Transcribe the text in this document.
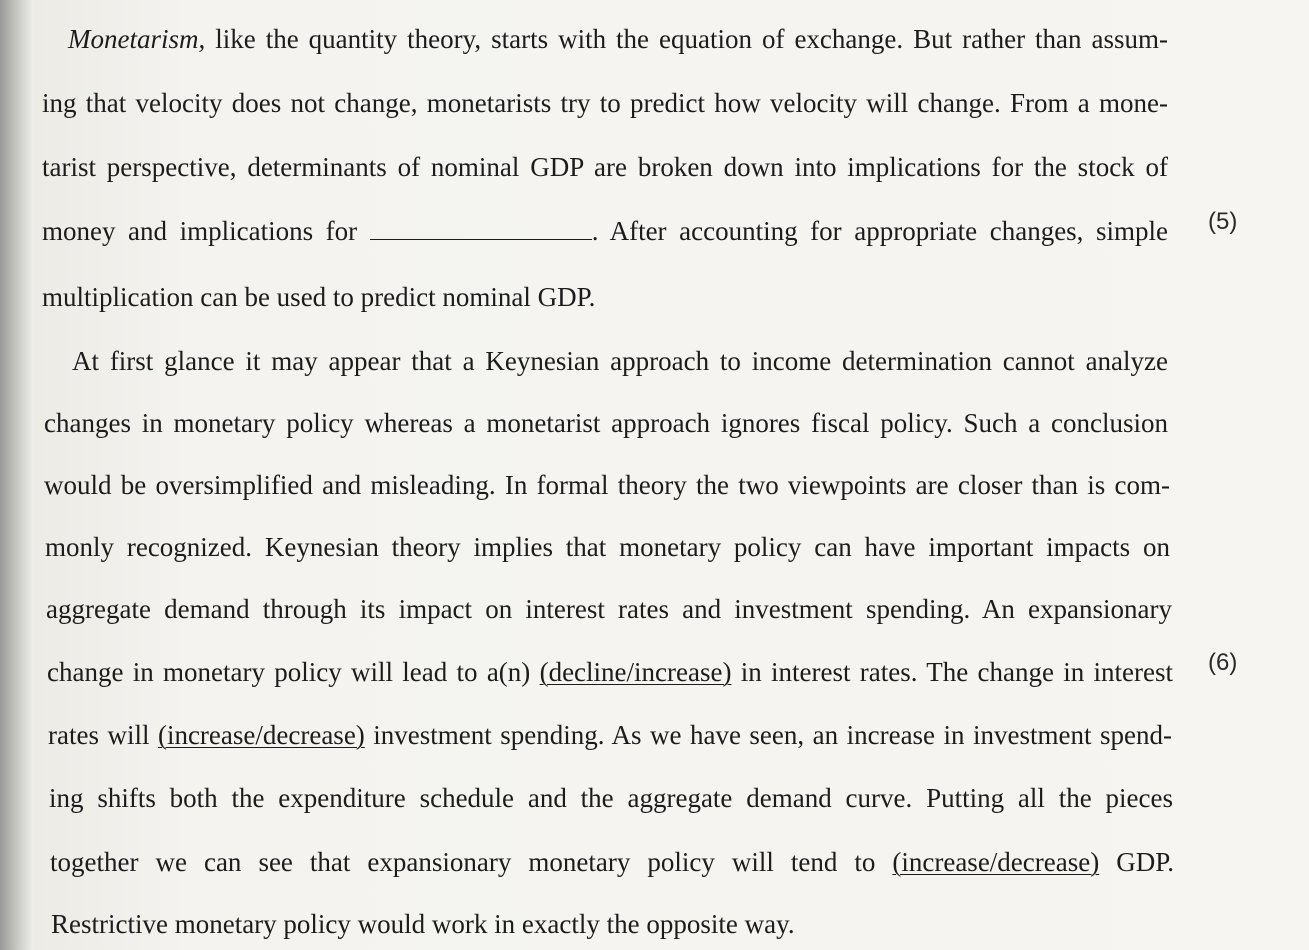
Monetarism, like the quantity theory, starts with the equation of exchange. But rather than assum-
ing that velocity does not change, monetarists try to predict how velocity will change. From a mone-
tarist perspective, determinants of nominal GDP are broken down into implications for the stock of
money and implications for	. After accounting for appropriate changes, simple (5)
multiplication can be used to predict nominal GDP.
At first glance it may appear that a Keynesian approach to income determination cannot analyze
changes in monetary policy whereas a monetarist approach ignores fiscal policy. Such a conclusion
would be oversimplified and misleading. In formal theory the two viewpoints are closer than is com-
monly recognized. Keynesian theory implies that monetary policy can have important impacts on
aggregate demand through its impact on interest rates and investment spending. An expansionary
change in monetary policy will lead to a(n) (decline/increase) in interest rates. The change in interest (6)
rates will (increase/decrease) investment spending. As we have seen, an increase in investment spend-
ing shifts both the expenditure schedule and the aggregate demand curve. Putting all the pieces
together we can see that expansionary monetary policy will tend to (increase/decrease) GDP.
Restrictive monetary policy would work in exactly the opposite way.
